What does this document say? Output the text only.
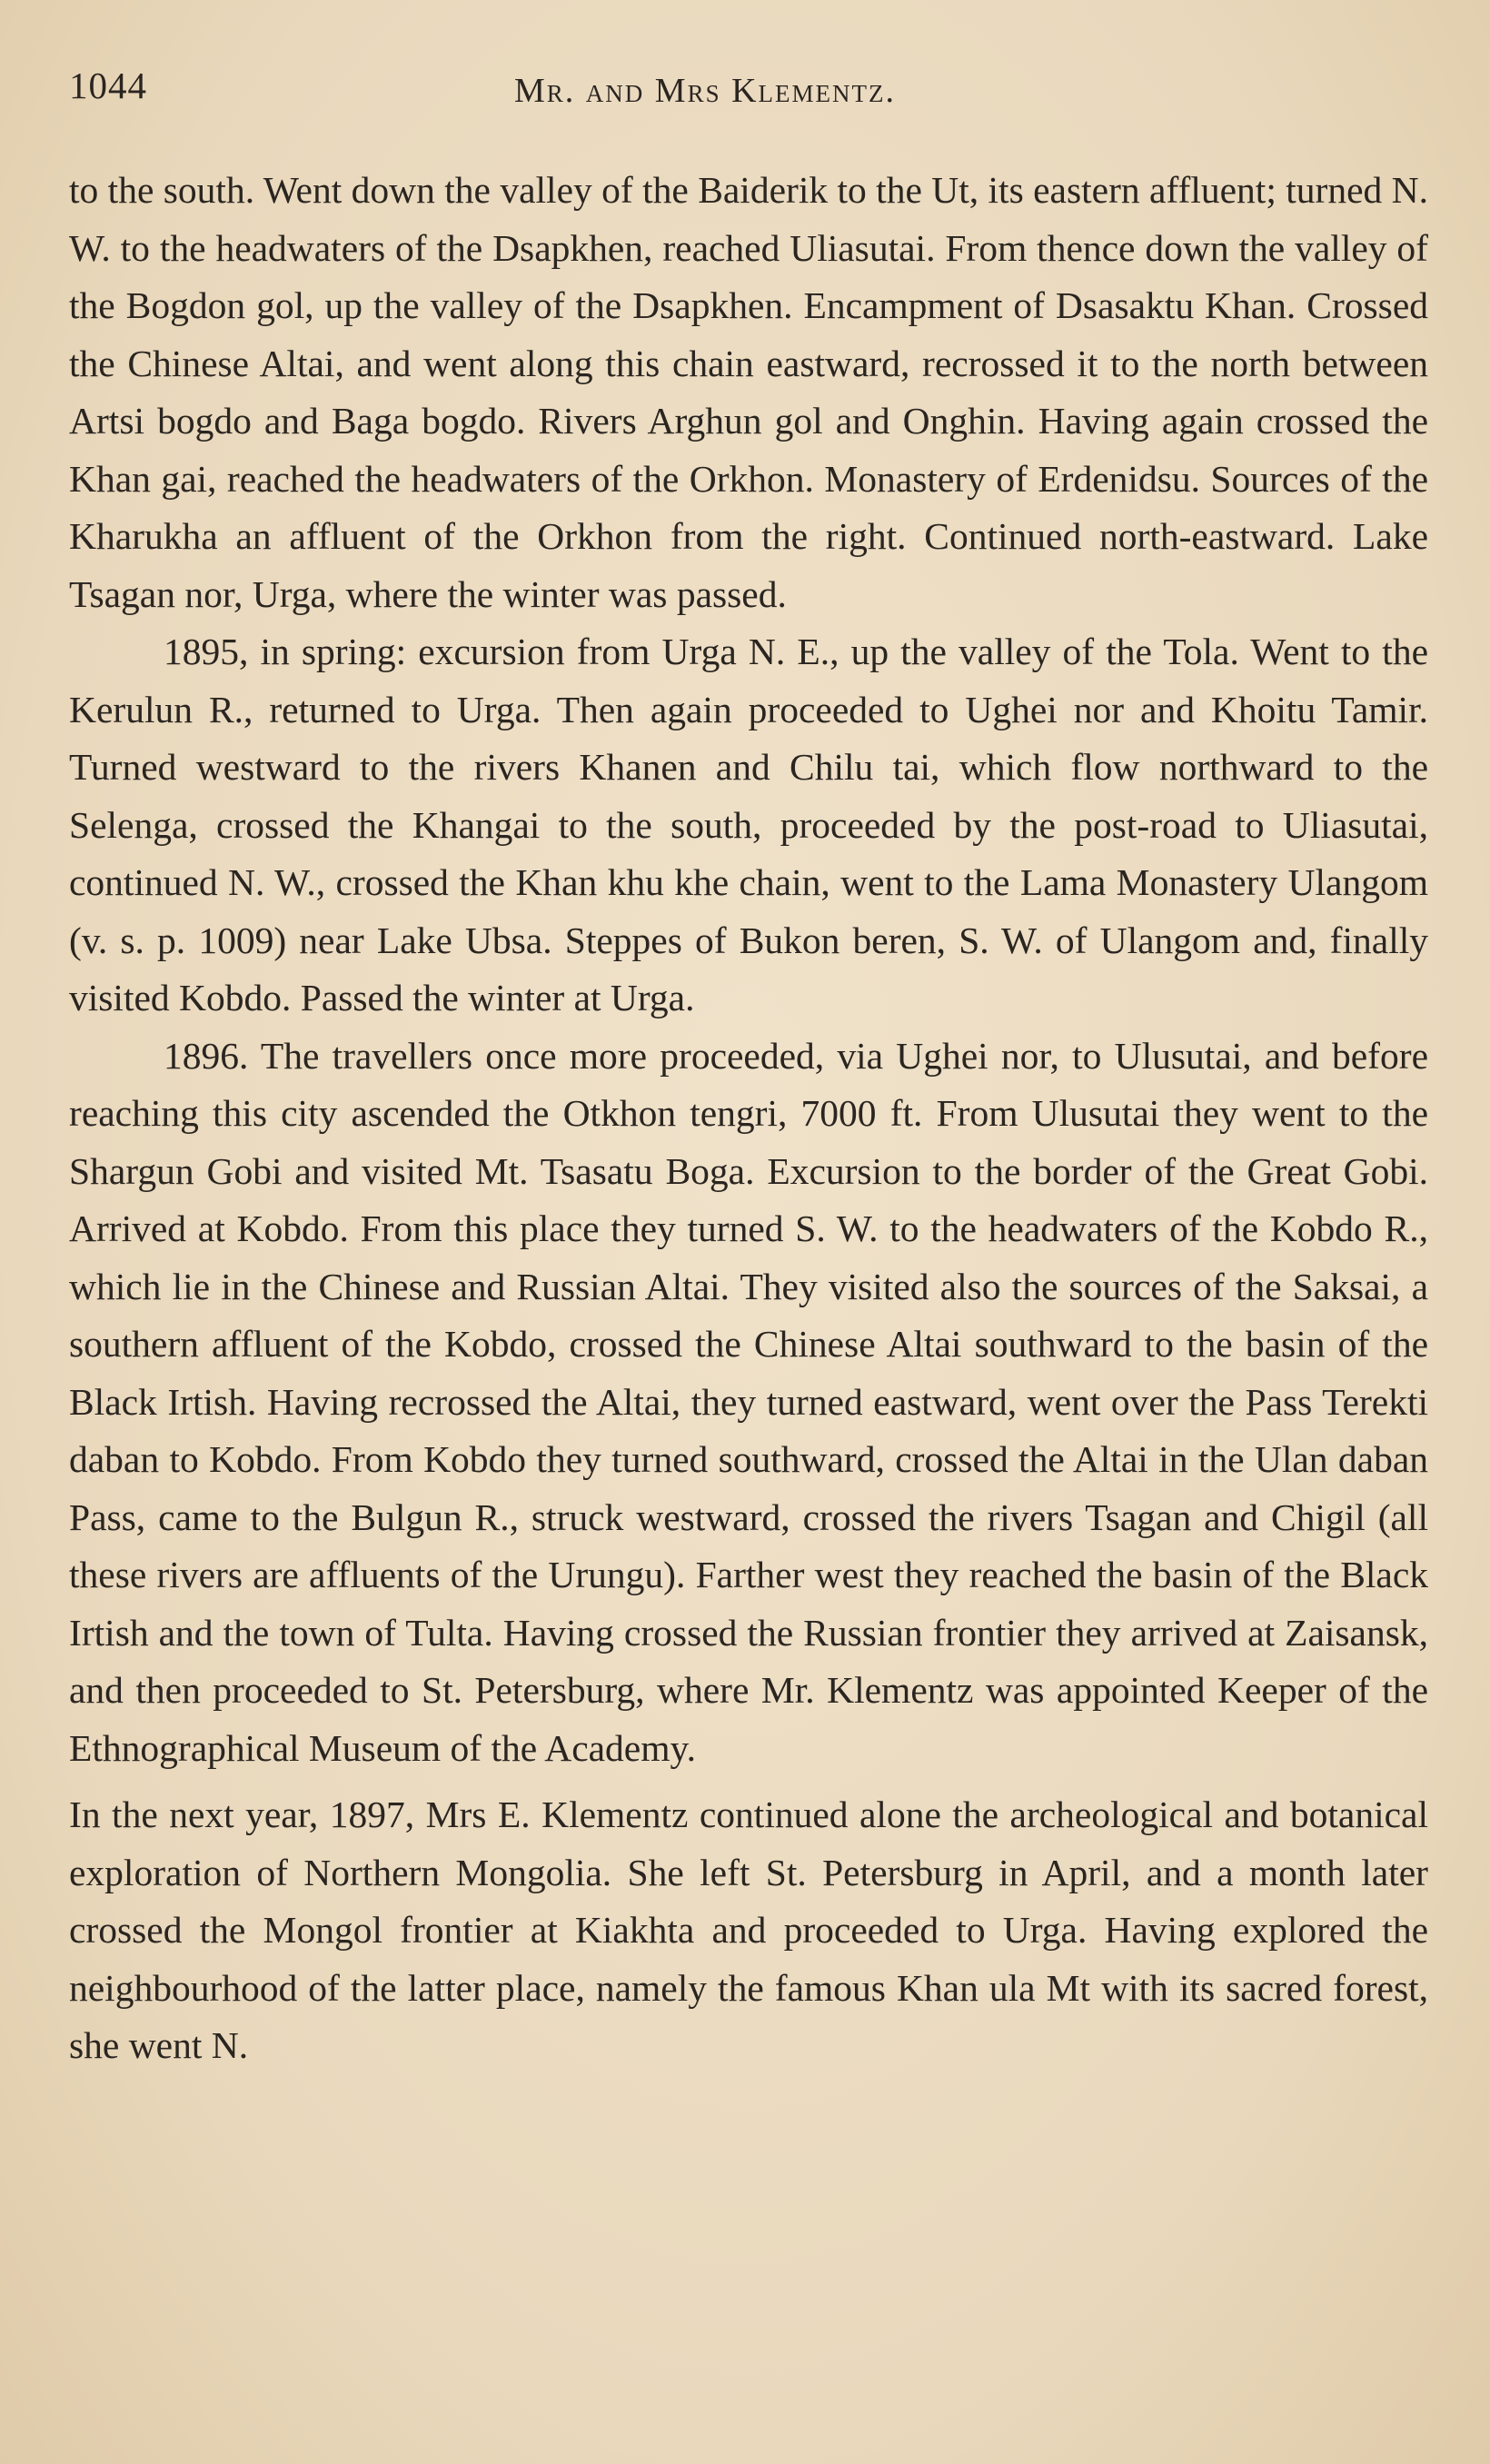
1044	Mr. and Mrs Klementz.

to the south. Went down the valley of the Baiderik to the Ut, its eastern affluent; turned N. W. to the headwaters of the Dsapkhen, reached Uliasutai. From thence down the valley of the Bogdon gol, up the valley of the Dsapkhen. Encampment of Dsasaktu Khan. Crossed the Chinese Altai, and went along this chain eastward, recrossed it to the north between Artsi bogdo and Baga bogdo. Rivers Arghun gol and Onghin. Having again crossed the Khan gai, reached the headwaters of the Orkhon. Monastery of Erdenidsu. Sources of the Kharukha an affluent of the Orkhon from the right. Continued north-eastward. Lake Tsagan nor, Urga, where the winter was passed.

1895, in spring: excursion from Urga N. E., up the valley of the Tola. Went to the Kerulun R., returned to Urga. Then again proceeded to Ughei nor and Khoitu Tamir. Turned westward to the rivers Khanen and Chilu tai, which flow northward to the Selenga, crossed the Khangai to the south, proceeded by the post-road to Uliasutai, continued N. W., crossed the Khan khu khe chain, went to the Lama Monastery Ulangom (v. s. p. 1009) near Lake Ubsa. Steppes of Bukon beren, S. W. of Ulangom and, finally visited Kobdo. Passed the winter at Urga.

1896. The travellers once more proceeded, via Ughei nor, to Ulusutai, and before reaching this city ascended the Otkhon tengri, 7000 ft. From Ulusutai they went to the Shargun Gobi and visited Mt. Tsasatu Boga. Excursion to the border of the Great Gobi. Arrived at Kobdo. From this place they turned S. W. to the headwaters of the Kobdo R., which lie in the Chinese and Russian Altai. They visited also the sources of the Saksai, a southern affluent of the Kobdo, crossed the Chinese Altai southward to the basin of the Black Irtish. Having recrossed the Altai, they turned eastward, went over the Pass Terekti daban to Kobdo. From Kobdo they turned southward, crossed the Altai in the Ulan daban Pass, came to the Bulgun R., struck westward, crossed the rivers Tsagan and Chigil (all these rivers are affluents of the Urungu). Farther west they reached the basin of the Black Irtish and the town of Tulta. Having crossed the Russian frontier they arrived at Zaisansk, and then proceeded to St. Petersburg, where Mr. Klementz was appointed Keeper of the Ethnographical Museum of the Academy.

In the next year, 1897, Mrs E. Klementz continued alone the archeological and botanical exploration of Northern Mongolia. She left St. Petersburg in April, and a month later crossed the Mongol frontier at Kiakhta and proceeded to Urga. Having explored the neighbourhood of the latter place, namely the famous Khan ula Mt with its sacred forest, she went N.
